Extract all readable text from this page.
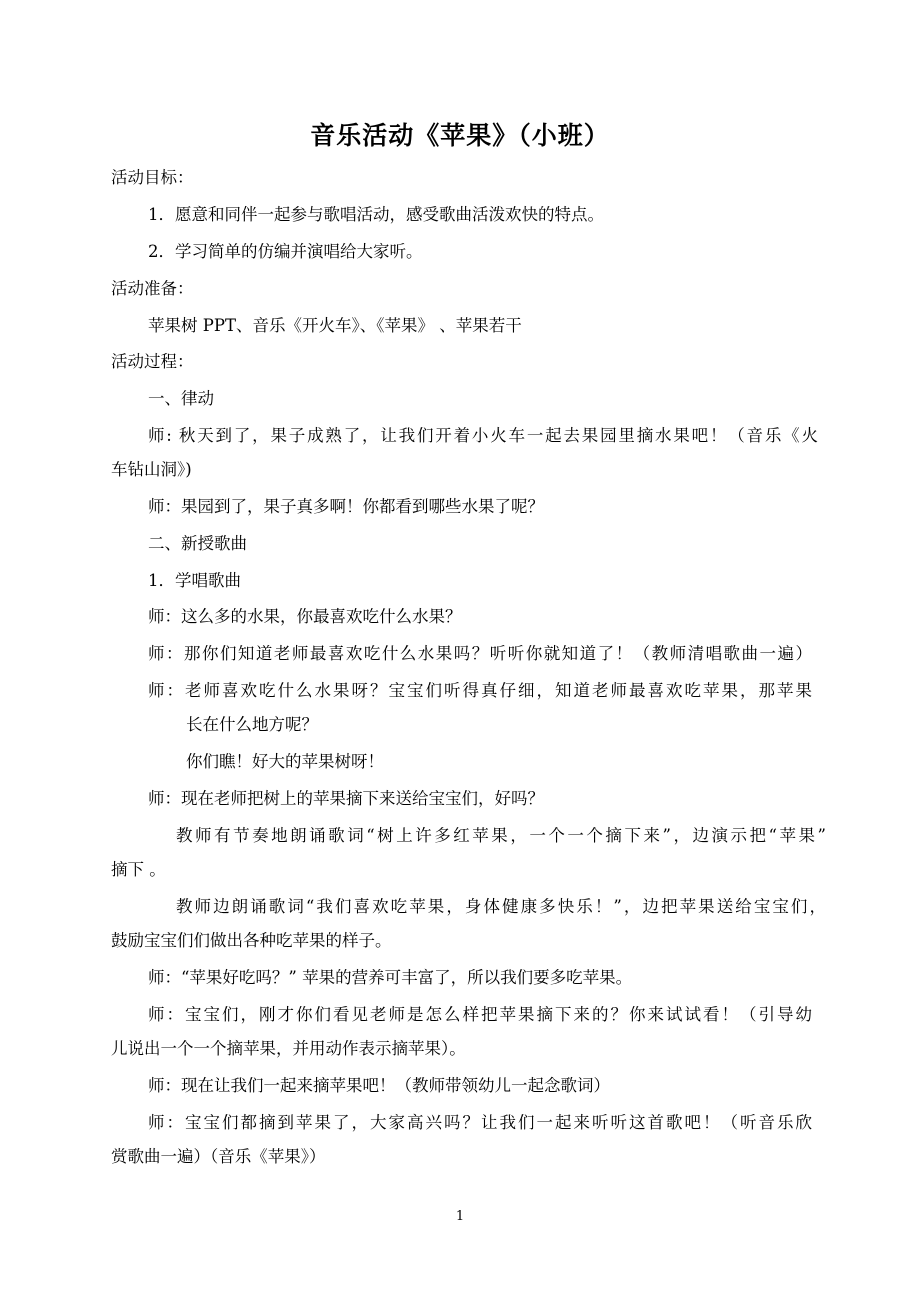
音乐活动《苹果》（小班）
活动目标：
1．愿意和同伴一起参与歌唱活动，感受歌曲活泼欢快的特点。
2．学习简单的仿编并演唱给大家听。
活动准备：
苹果树 PPT、音乐《开火车》、《苹果》 、苹果若干
活动过程：
一、律动
师: 秋天到了，果子成熟了，让我们开着小火车一起去果园里摘水果吧！（音乐《火
车钻山洞》)
师：果园到了，果子真多啊！你都看到哪些水果了呢？
二、新授歌曲
1．学唱歌曲
师：这么多的水果，你最喜欢吃什么水果？
师：那你们知道老师最喜欢吃什么水果吗？听听你就知道了！（教师清唱歌曲一遍）
师：老师喜欢吃什么水果呀？宝宝们听得真仔细，知道老师最喜欢吃苹果，那苹果
长在什么地方呢？
你们瞧！好大的苹果树呀！
师：现在老师把树上的苹果摘下来送给宝宝们，好吗？
教师有节奏地朗诵歌词“树上许多红苹果，一个一个摘下来”，边演示把“苹果”
摘下 。
教师边朗诵歌词“我们喜欢吃苹果，身体健康多快乐！”，边把苹果送给宝宝们，
鼓励宝宝们们做出各种吃苹果的样子。
师：“苹果好吃吗？” 苹果的营养可丰富了，所以我们要多吃苹果。
师：宝宝们，刚才你们看见老师是怎么样把苹果摘下来的？你来试试看！（引导幼
儿说出一个一个摘苹果，并用动作表示摘苹果）。
师：现在让我们一起来摘苹果吧！（教师带领幼儿一起念歌词）
师：宝宝们都摘到苹果了，大家高兴吗？让我们一起来听听这首歌吧！（听音乐欣
赏歌曲一遍）（音乐《苹果》）
1
